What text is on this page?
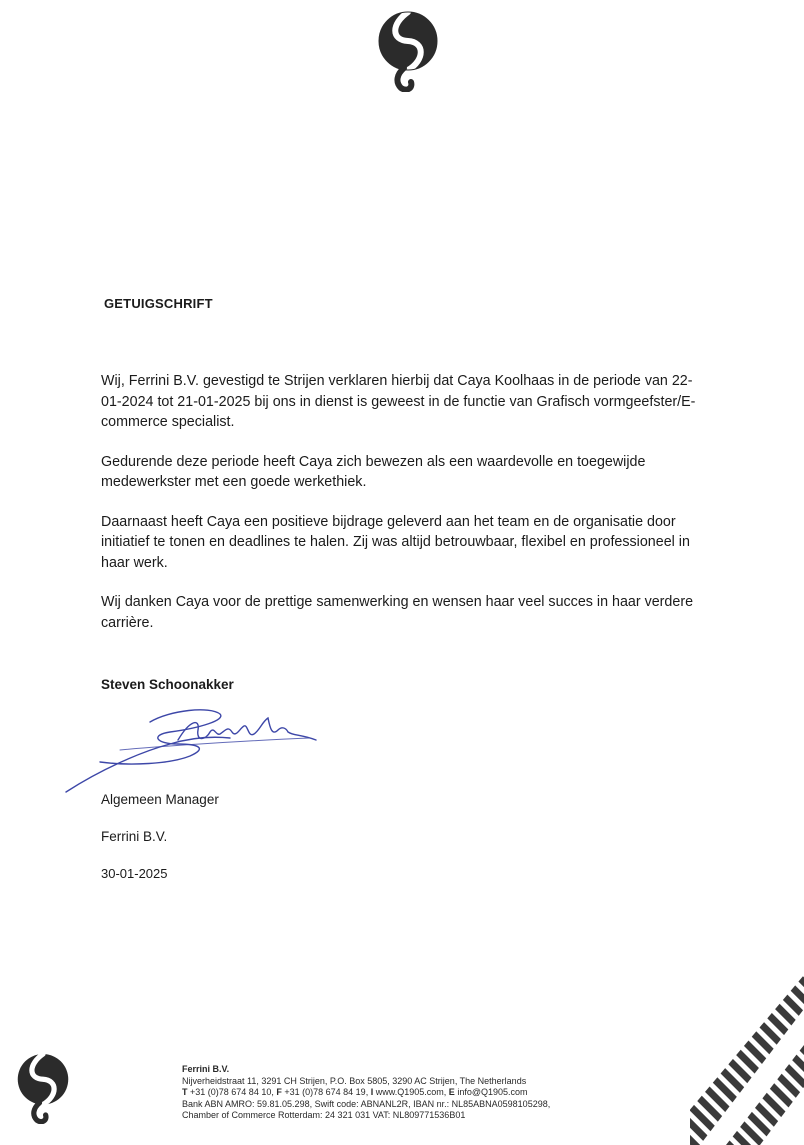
GETUIGSCHRIFT

Wij, Ferrini B.V. gevestigd te Strijen verklaren hierbij dat Caya Koolhaas in de periode van 22-01-2024 tot 21-01-2025 bij ons in dienst is geweest in de functie van Grafisch vormgeefster/E-commerce specialist.

Gedurende deze periode heeft Caya zich bewezen als een waardevolle en toegewijde medewerkster met een goede werkethiek.

Daarnaast heeft Caya een positieve bijdrage geleverd aan het team en de organisatie door initiatief te tonen en deadlines te halen. Zij was altijd betrouwbaar, flexibel en professioneel in haar werk.

Wij danken Caya voor de prettige samenwerking en wensen haar veel succes in haar verdere carrière.

Steven Schoonakker
Algemeen Manager
Ferrini B.V.
30-01-2025
Ferrini B.V.
Nijverheidstraat 11, 3291 CH Strijen, P.O. Box 5805, 3290 AC Strijen, The Netherlands
T +31 (0)78 674 84 10, F +31 (0)78 674 84 19, I www.Q1905.com, E info@Q1905.com
Bank ABN AMRO: 59.81.05.298, Swift code: ABNANL2R, IBAN nr.: NL85ABNA0598105298,
Chamber of Commerce Rotterdam: 24 321 031 VAT: NL809771536B01
